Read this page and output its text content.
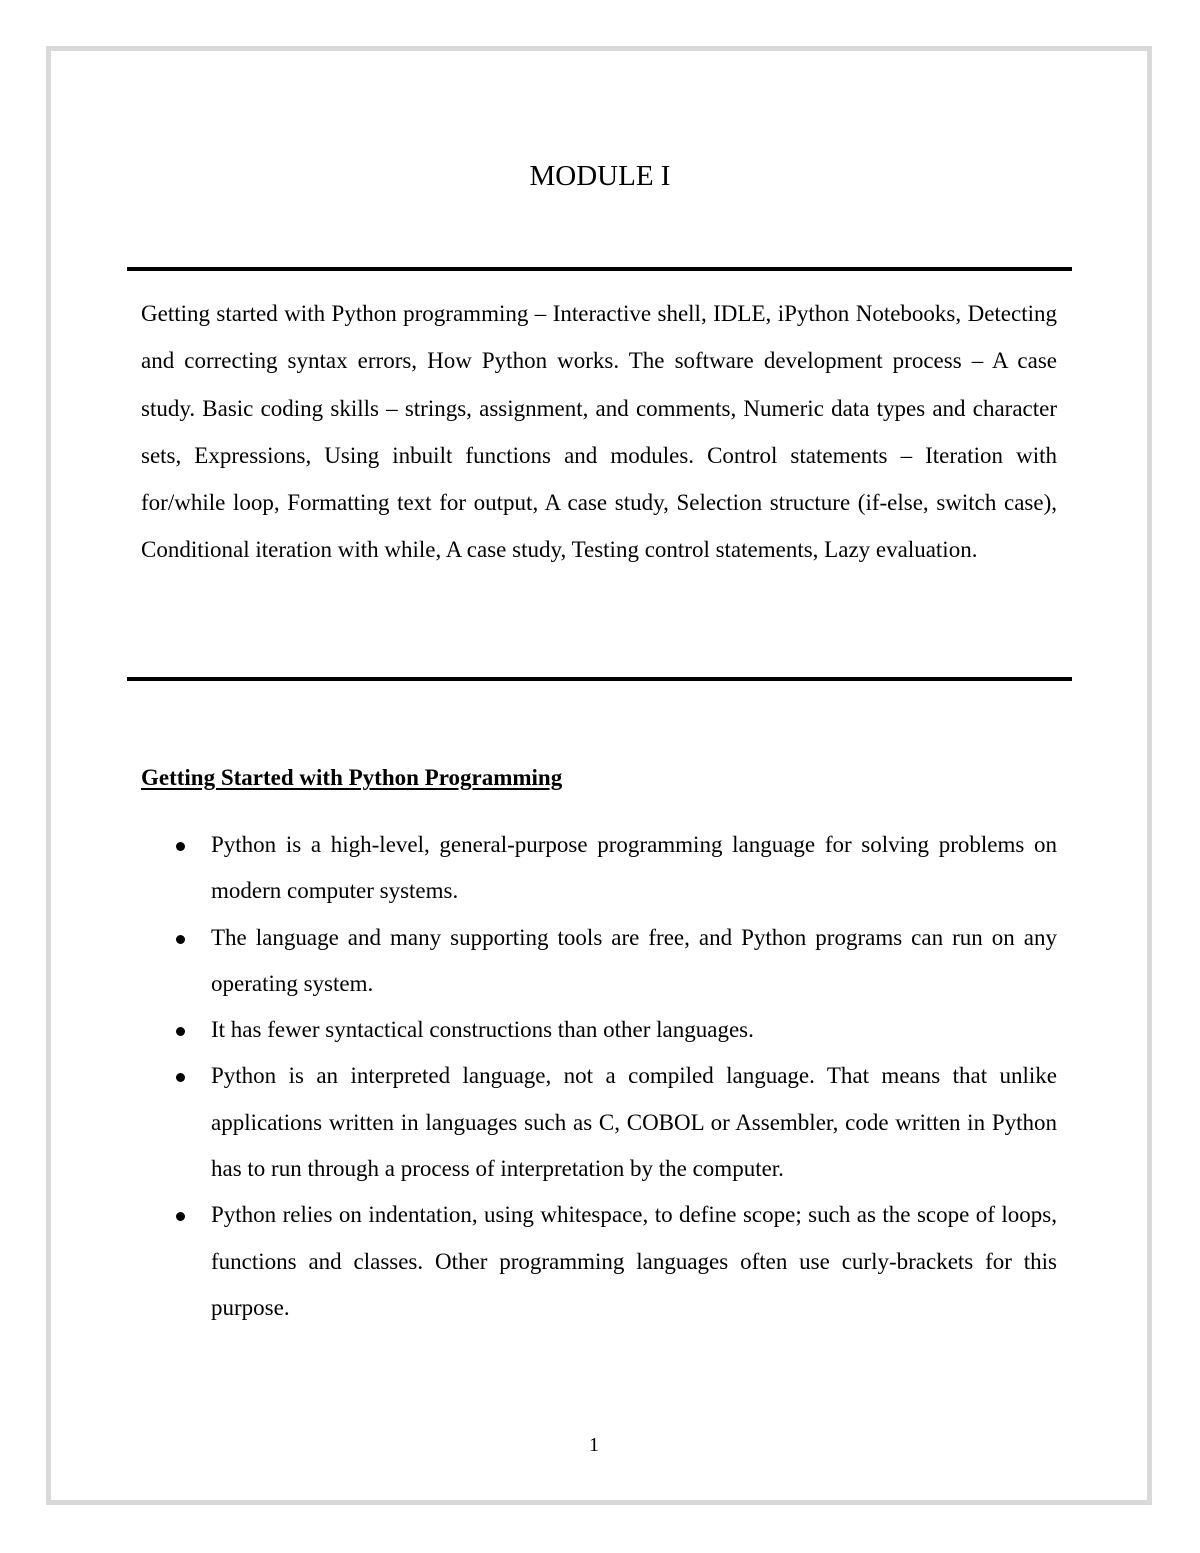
MODULE I

Getting started with Python programming – Interactive shell, IDLE, iPython Notebooks, Detecting and correcting syntax errors, How Python works. The software development process – A case study. Basic coding skills – strings, assignment, and comments, Numeric data types and character sets, Expressions, Using inbuilt functions and modules. Control statements – Iteration with for/while loop, Formatting text for output, A case study, Selection structure (if-else, switch case), Conditional iteration with while, A case study, Testing control statements, Lazy evaluation.

Getting Started with Python Programming
Python is a high-level, general-purpose programming language for solving problems on modern computer systems.
The language and many supporting tools are free, and Python programs can run on any operating system.
It has fewer syntactical constructions than other languages.
Python is an interpreted language, not a compiled language. That means that unlike applications written in languages such as C, COBOL or Assembler, code written in Python has to run through a process of interpretation by the computer.
Python relies on indentation, using whitespace, to define scope; such as the scope of loops, functions and classes. Other programming languages often use curly-brackets for this purpose.
1
